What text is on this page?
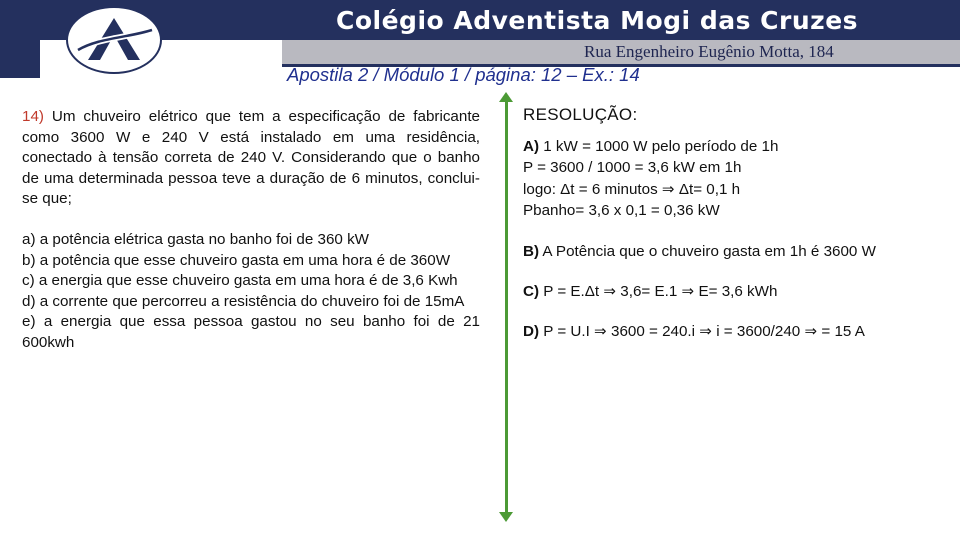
Colégio Adventista Mogi das Cruzes
Rua Engenheiro Eugênio Motta, 184
Apostila 2 / Módulo 1 / página: 12 – Ex.: 14

14) Um chuveiro elétrico que tem a especificação de fabricante como 3600 W e 240 V está instalado em uma residência, conectado à tensão correta de 240 V. Considerando que o banho de uma determinada pessoa teve a duração de 6 minutos, conclui-se que;

a) a potência elétrica gasta no banho foi de 360 kW
b) a potência que esse chuveiro gasta em uma hora é de 360W
c) a energia que esse chuveiro gasta em uma hora é de 3,6 Kwh
d) a corrente que percorreu a resistência do chuveiro foi de 15mA
e) a energia que essa pessoa gastou no seu banho foi de 21 600kwh

RESOLUÇÃO:
A) 1 kW = 1000 W pelo período de 1h
P = 3600 / 1000 = 3,6 kW em 1h
logo: Δt = 6 minutos ⇒ Δt= 0,1 h
Pbanho= 3,6 x 0,1 = 0,36 kW
B) A Potência que o chuveiro gasta em 1h é 3600 W
C) P = E.Δt ⇒ 3,6= E.1 ⇒ E= 3,6 kWh
D) P = U.I ⇒ 3600 = 240.i ⇒ i = 3600/240 ⇒ = 15 A
